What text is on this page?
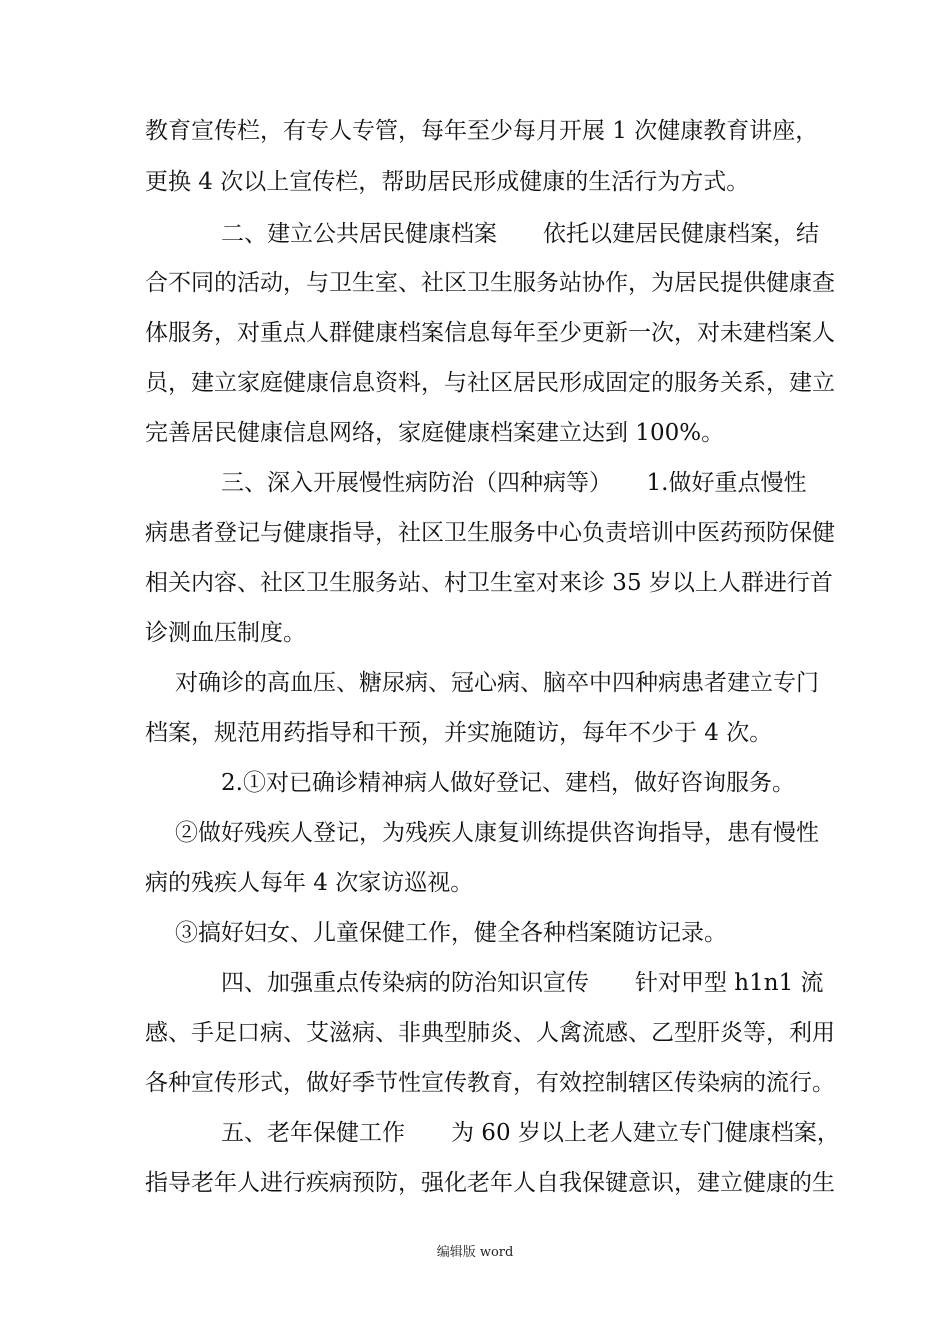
教育宣传栏，有专人专管，每年至少每月开展 1 次健康教育讲座，
更换 4 次以上宣传栏，帮助居民形成健康的生活行为方式。
二、建立公共居民健康档案　　依托以建居民健康档案，结
合不同的活动，与卫生室、社区卫生服务站协作，为居民提供健康查
体服务，对重点人群健康档案信息每年至少更新一次，对未建档案人
员，建立家庭健康信息资料，与社区居民形成固定的服务关系，建立
完善居民健康信息网络，家庭健康档案建立达到 100%。
三、深入开展慢性病防治（四种病等）　　1.做好重点慢性
病患者登记与健康指导，社区卫生服务中心负责培训中医药预防保健
相关内容、社区卫生服务站、村卫生室对来诊 35 岁以上人群进行首
诊测血压制度。
对确诊的高血压、糖尿病、冠心病、脑卒中四种病患者建立专门
档案，规范用药指导和干预，并实施随访，每年不少于 4 次。
2.①对已确诊精神病人做好登记、建档，做好咨询服务。
②做好残疾人登记，为残疾人康复训练提供咨询指导，患有慢性
病的残疾人每年 4 次家访巡视。
③搞好妇女、儿童保健工作，健全各种档案随访记录。
四、加强重点传染病的防治知识宣传　　针对甲型 h1n1 流
感、手足口病、艾滋病、非典型肺炎、人禽流感、乙型肝炎等，利用
各种宣传形式，做好季节性宣传教育，有效控制辖区传染病的流行。
五、老年保健工作　　为 60 岁以上老人建立专门健康档案，
指导老年人进行疾病预防，强化老年人自我保键意识，建立健康的生
编辑版 word
